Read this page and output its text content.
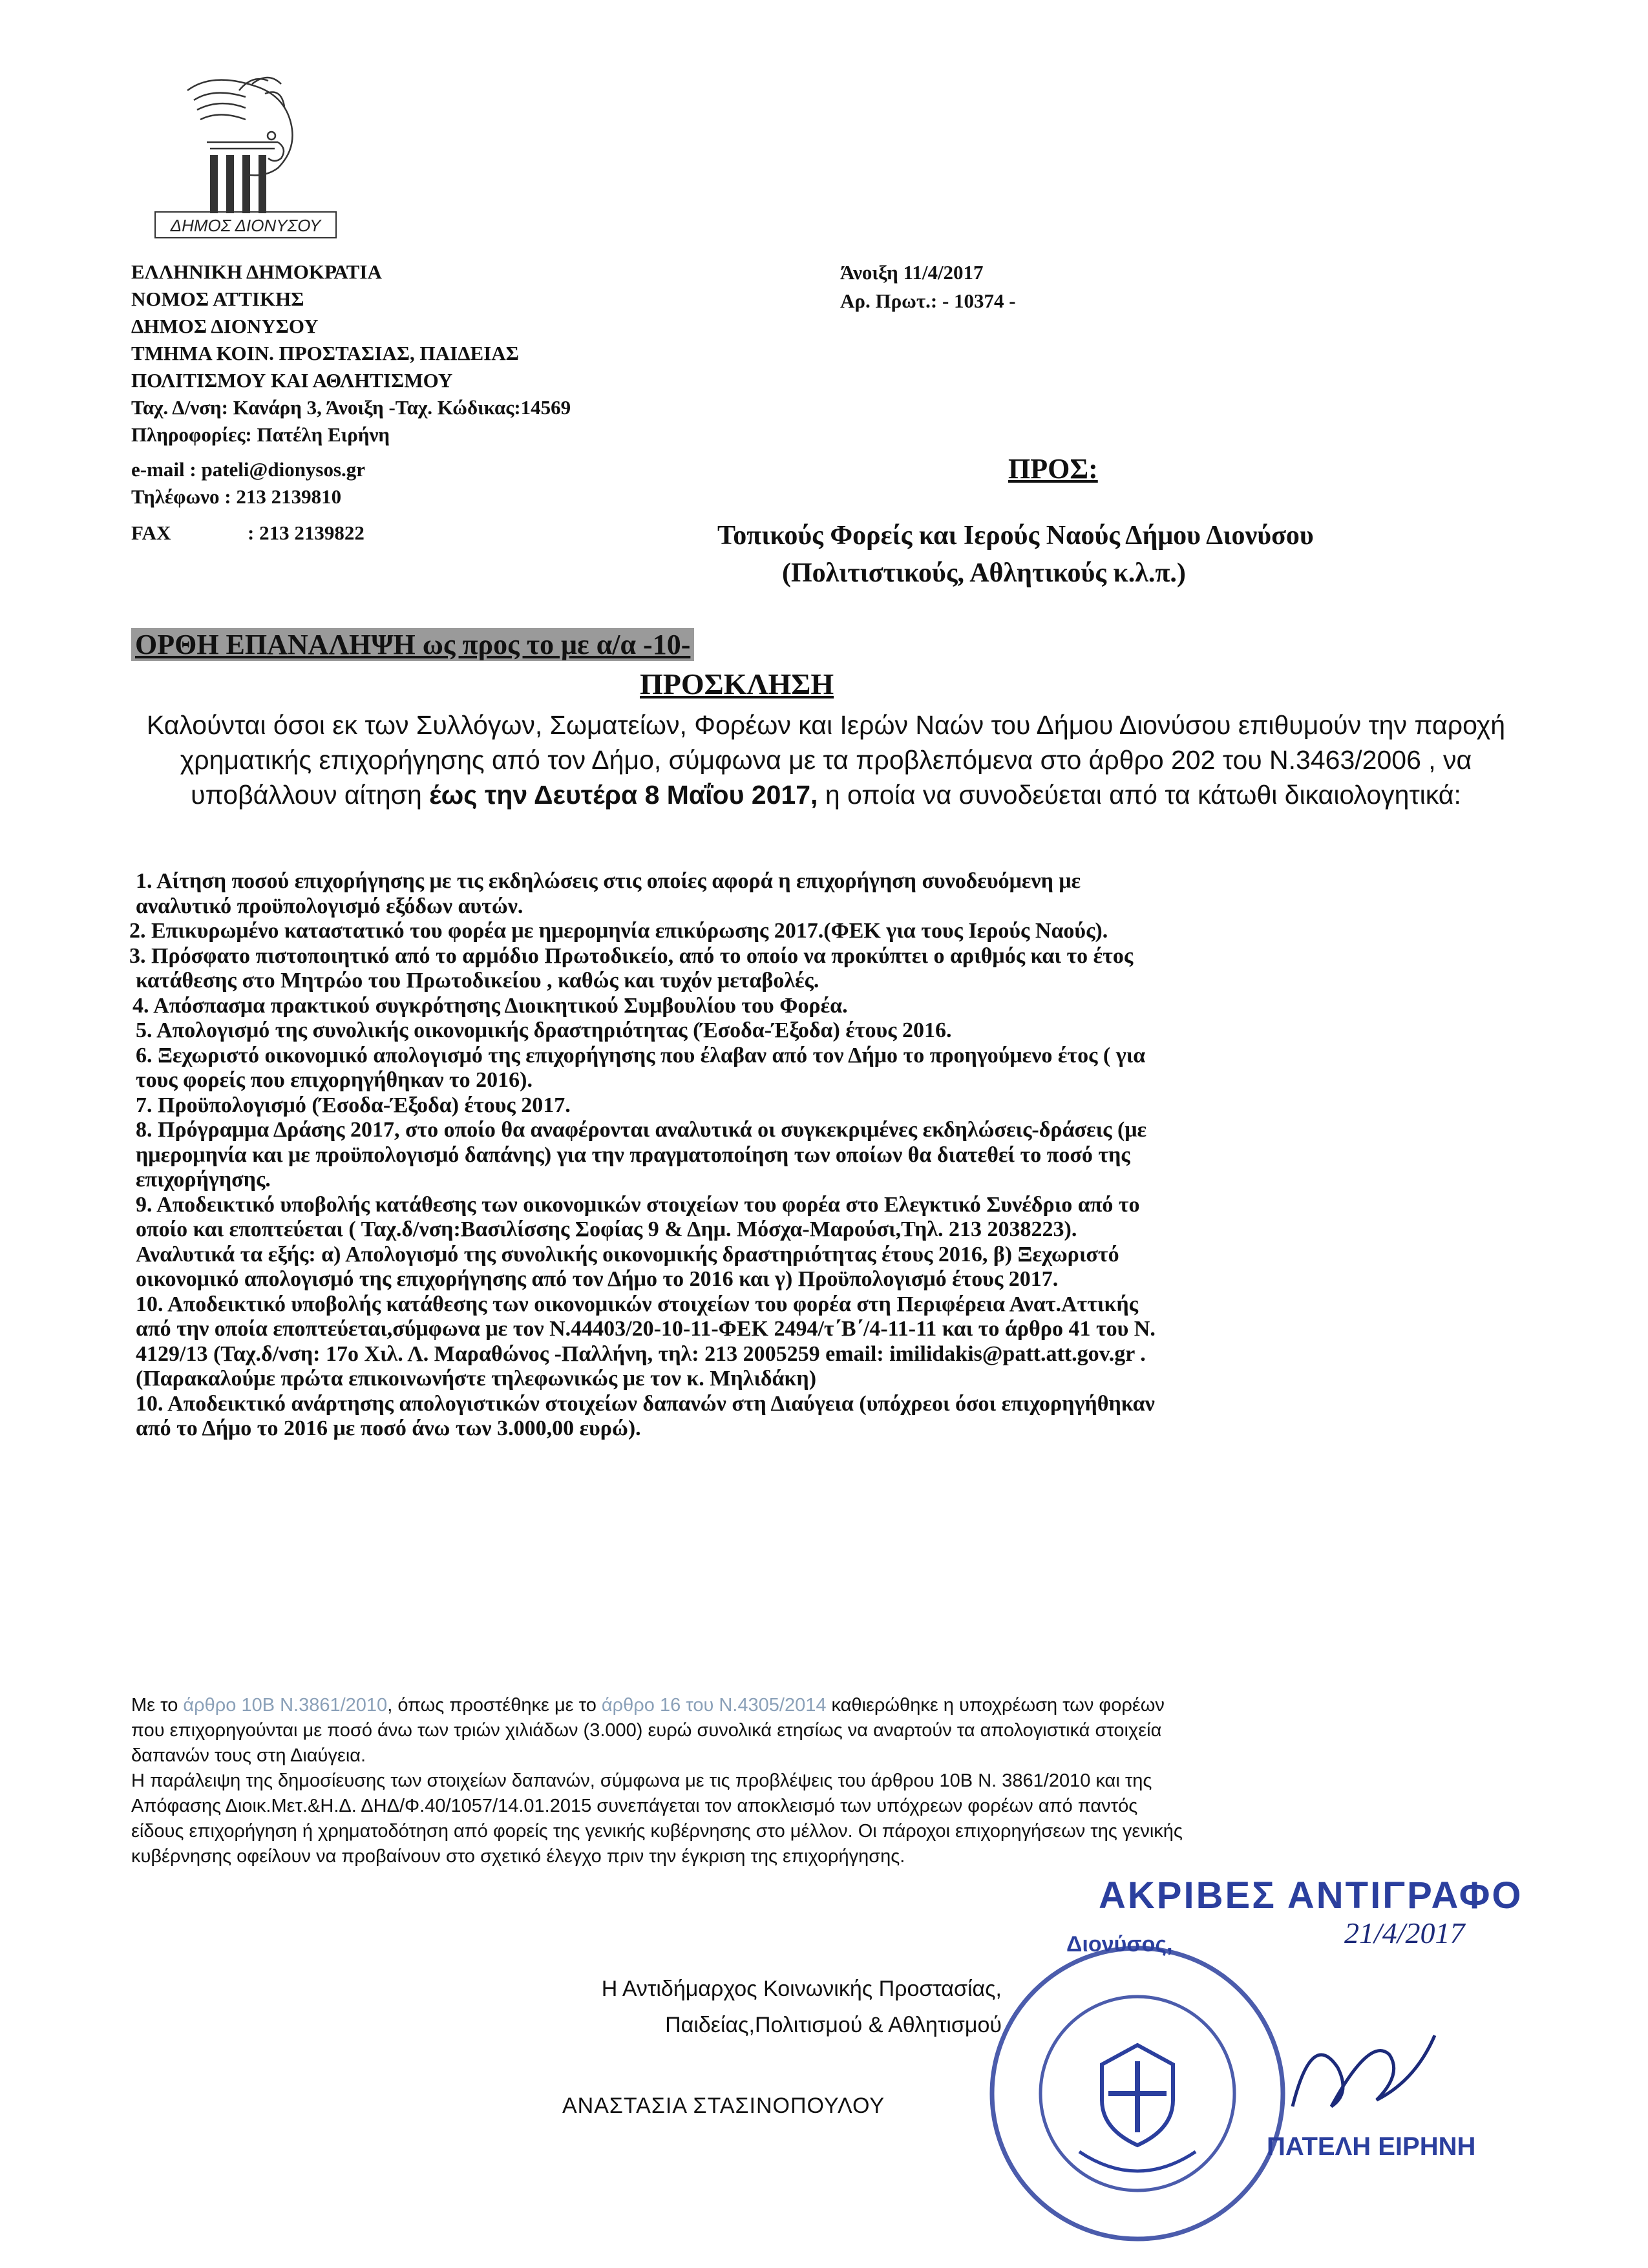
ΔΗΜΟΣ ΔΙΟΝΥΣΟΥ
ΕΛΛΗΝΙΚΗ ΔΗΜΟΚΡΑΤΙΑ
ΝΟΜΟΣ ΑΤΤΙΚΗΣ
ΔΗΜΟΣ ΔΙΟΝΥΣΟΥ
ΤΜΗΜΑ ΚΟΙΝ. ΠΡΟΣΤΑΣΙΑΣ, ΠΑΙΔΕΙΑΣ
ΠΟΛΙΤΙΣΜΟΥ ΚΑΙ ΑΘΛΗΤΙΣΜΟΥ
Ταχ. Δ/νση: Κανάρη 3, Άνοιξη -Ταχ. Κώδικας:14569
Πληροφορίες: Πατέλη Ειρήνη
e-mail : pateli@dionysos.gr
Τηλέφωνο : 213 2139810
FAX	: 213 2139822
Άνοιξη 11/4/2017
Αρ. Πρωτ.: - 10374 -
ΠΡΟΣ:
Τοπικούς Φορείς και Ιερούς Ναούς Δήμου Διονύσου
(Πολιτιστικούς, Αθλητικούς κ.λ.π.)
ΟΡΘΗ ΕΠΑΝΑΛΗΨΗ ως προς το με α/α -10-
ΠΡΟΣΚΛΗΣΗ
Καλούνται όσοι εκ των Συλλόγων, Σωματείων, Φορέων και Ιερών Ναών του Δήμου Διονύσου επιθυμούν την παροχή χρηματικής επιχορήγησης από τον Δήμο, σύμφωνα με τα προβλεπόμενα στο άρθρο 202 του Ν.3463/2006 , να υποβάλλουν αίτηση έως την Δευτέρα 8 Μαΐου 2017, η οποία να συνοδεύεται από τα κάτωθι δικαιολογητικά:
1. Αίτηση ποσού επιχορήγησης με τις εκδηλώσεις στις οποίες αφορά η επιχορήγηση συνοδευόμενη με
αναλυτικό προϋπολογισμό εξόδων αυτών.
2. Επικυρωμένο καταστατικό του φορέα με ημερομηνία επικύρωσης 2017.(ΦΕΚ για τους Ιερούς Ναούς).
3. Πρόσφατο πιστοποιητικό από το αρμόδιο Πρωτοδικείο, από το οποίο να προκύπτει ο αριθμός και το έτος
κατάθεσης στο Μητρώο του Πρωτοδικείου , καθώς και τυχόν μεταβολές.
4. Απόσπασμα πρακτικού συγκρότησης Διοικητικού Συμβουλίου του Φορέα.
5. Απολογισμό της συνολικής οικονομικής δραστηριότητας (Έσοδα-Έξοδα) έτους 2016.
6. Ξεχωριστό οικονομικό απολογισμό της επιχορήγησης που έλαβαν από τον Δήμο το προηγούμενο έτος ( για
τους φορείς που επιχορηγήθηκαν το 2016).
7. Προϋπολογισμό (Έσοδα-Έξοδα) έτους 2017.
8. Πρόγραμμα Δράσης 2017, στο οποίο θα αναφέρονται αναλυτικά οι συγκεκριμένες εκδηλώσεις-δράσεις (με
ημερομηνία και με προϋπολογισμό δαπάνης) για την πραγματοποίηση των οποίων θα διατεθεί το ποσό της
επιχορήγησης.
9. Αποδεικτικό υποβολής κατάθεσης των οικονομικών στοιχείων του φορέα στο Ελεγκτικό Συνέδριο από το
οποίο και εποπτεύεται ( Ταχ.δ/νση:Βασιλίσσης Σοφίας 9 & Δημ. Μόσχα-Μαρούσι,Τηλ. 213 2038223).
Αναλυτικά τα εξής: α) Απολογισμό της συνολικής οικονομικής δραστηριότητας έτους 2016, β) Ξεχωριστό
οικονομικό απολογισμό της επιχορήγησης από τον Δήμο το 2016 και γ) Προϋπολογισμό έτους 2017.
10. Αποδεικτικό υποβολής κατάθεσης των οικονομικών στοιχείων του φορέα στη Περιφέρεια Ανατ.Αττικής
από την οποία εποπτεύεται,σύμφωνα με τον Ν.44403/20-10-11-ΦΕΚ 2494/τ΄Β΄/4-11-11 και το άρθρο 41 του Ν.
4129/13 (Ταχ.δ/νση: 17ο Χιλ. Λ. Μαραθώνος -Παλλήνη, τηλ: 213 2005259 email: imilidakis@patt.att.gov.gr .
(Παρακαλούμε πρώτα επικοινωνήστε τηλεφωνικώς με τον κ. Μηλιδάκη)
10. Αποδεικτικό ανάρτησης απολογιστικών στοιχείων δαπανών στη Διαύγεια (υπόχρεοι όσοι επιχορηγήθηκαν
από το Δήμο το 2016 με ποσό άνω των 3.000,00 ευρώ).
Με το άρθρο 10Β Ν.3861/2010, όπως προστέθηκε με το άρθρο 16 του Ν.4305/2014 καθιερώθηκε η υποχρέωση των φορέων
που επιχορηγούνται με ποσό άνω των τριών χιλιάδων (3.000) ευρώ συνολικά ετησίως να αναρτούν τα απολογιστικά στοιχεία
δαπανών τους στη Διαύγεια.
Η παράλειψη της δημοσίευσης των στοιχείων δαπανών, σύμφωνα με τις προβλέψεις του άρθρου 10Β Ν. 3861/2010 και της
Απόφασης Διοικ.Μετ.&Η.Δ. ΔΗΔ/Φ.40/1057/14.01.2015 συνεπάγεται τον αποκλεισμό των υπόχρεων φορέων από παντός
είδους επιχορήγηση ή χρηματοδότηση από φορείς της γενικής κυβέρνησης στο μέλλον. Οι πάροχοι επιχορηγήσεων της γενικής
κυβέρνησης οφείλουν να προβαίνουν στο σχετικό έλεγχο πριν την έγκριση της επιχορήγησης.
Η Αντιδήμαρχος Κοινωνικής Προστασίας,
Παιδείας,Πολιτισμού & Αθλητισμού
ΑΝΑΣΤΑΣΙΑ ΣΤΑΣΙΝΟΠΟΥΛΟΥ
ΑΚΡΙΒΕΣ ΑΝΤΙΓΡΑΦΟ
Διονύσος,	21/4/2017
ΠΑΤΕΛΗ ΕΙΡΗΝΗ
